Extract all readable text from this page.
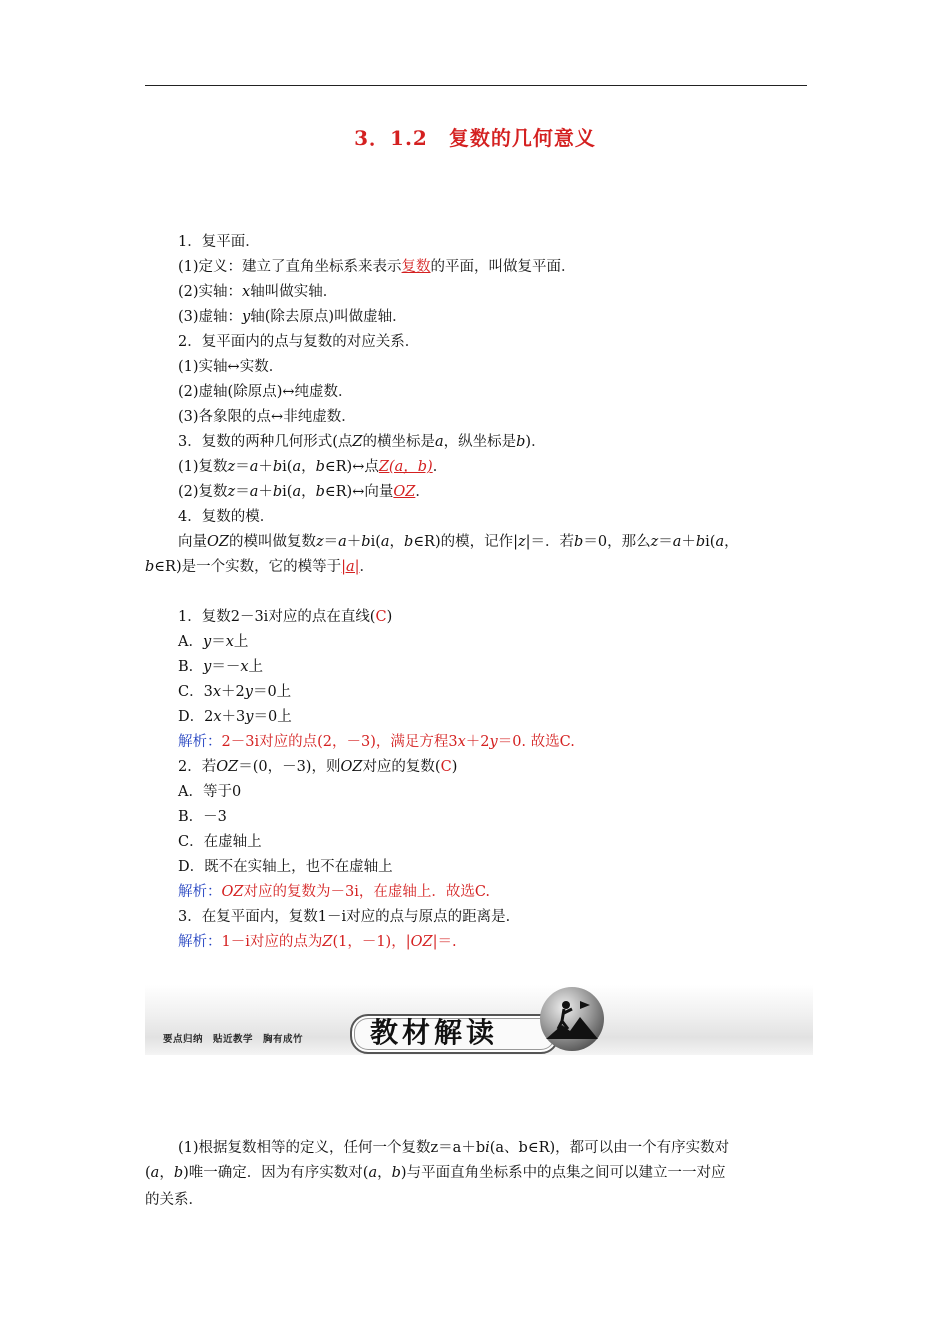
3．1.2　复数的几何意义
1．复平面．
(1)定义：建立了直角坐标系来表示复数的平面，叫做复平面．
(2)实轴：x轴叫做实轴．
(3)虚轴：y轴(除去原点)叫做虚轴．
2．复平面内的点与复数的对应关系．
(1)实轴↔实数．
(2)虚轴(除原点)↔纯虚数．
(3)各象限的点↔非纯虚数．
3．复数的两种几何形式(点Z的横坐标是a，纵坐标是b)．
(1)复数z＝a＋bi(a，b∈R)↔点Z(a，b)．
(2)复数z＝a＋bi(a，b∈R)↔向量OZ．
4．复数的模．
向量OZ的模叫做复数z＝a＋bi(a，b∈R)的模，记作|z|＝．若b＝0，那么z＝a＋bi(a，
b∈R)是一个实数，它的模等于|a|．
1．复数2－3i对应的点在直线(C)
A．y＝x上
B．y＝－x上
C．3x＋2y＝0上
D．2x＋3y＝0上
解析：2－3i对应的点(2，－3)，满足方程3x＋2y＝0. 故选C.
2．若OZ＝(0，－3)，则OZ对应的复数(C)
A．等于0
B．－3
C．在虚轴上
D．既不在实轴上，也不在虚轴上
解析：OZ对应的复数为－3i，在虚轴上．故选C.
3．在复平面内，复数1－i对应的点与原点的距离是．
解析：1－i对应的点为Z(1，－1)，|OZ|＝.
要点归纳　贴近教学　胸有成竹 教材解读
(1)根据复数相等的定义，任何一个复数z＝a＋bi(a、b∈R)，都可以由一个有序实数对
(a，b)唯一确定．因为有序实数对(a，b)与平面直角坐标系中的点集之间可以建立一一对应
的关系．
